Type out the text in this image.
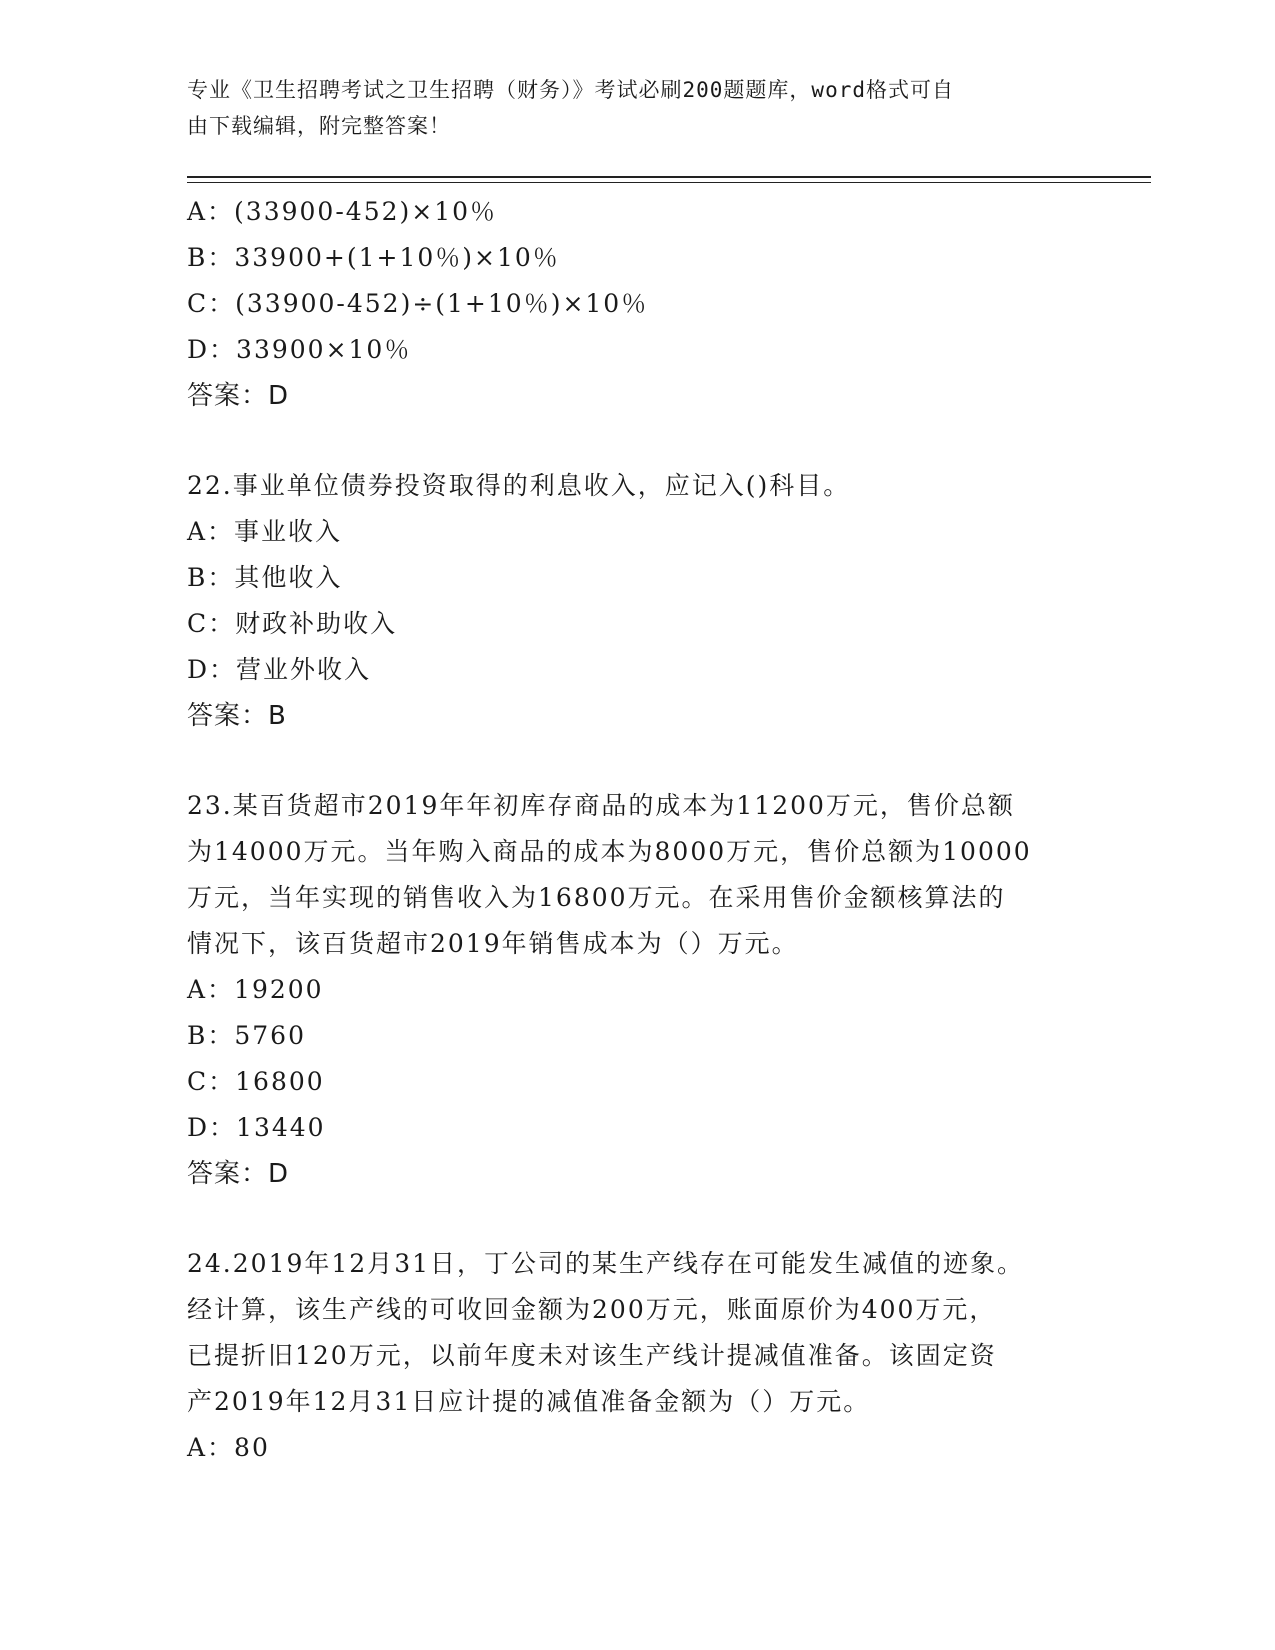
专业《卫生招聘考试之卫生招聘（财务）》考试必刷200题题库，word格式可自
由下载编辑，附完整答案！
A：(33900-452)×10％
B：33900+(1+10％)×10％
C：(33900-452)÷(1+10％)×10％
D：33900×10％
答案：D
22.事业单位债券投资取得的利息收入，应记入()科目。
A：事业收入
B：其他收入
C：财政补助收入
D：营业外收入
答案：B
23.某百货超市2019年年初库存商品的成本为11200万元，售价总额
为14000万元。当年购入商品的成本为8000万元，售价总额为10000
万元，当年实现的销售收入为16800万元。在采用售价金额核算法的
情况下，该百货超市2019年销售成本为（）万元。
A：19200
B：5760
C：16800
D：13440
答案：D
24.2019年12月31日，丁公司的某生产线存在可能发生减值的迹象。
经计算，该生产线的可收回金额为200万元，账面原价为400万元，
已提折旧120万元，以前年度未对该生产线计提减值准备。该固定资
产2019年12月31日应计提的减值准备金额为（）万元。
A：80
